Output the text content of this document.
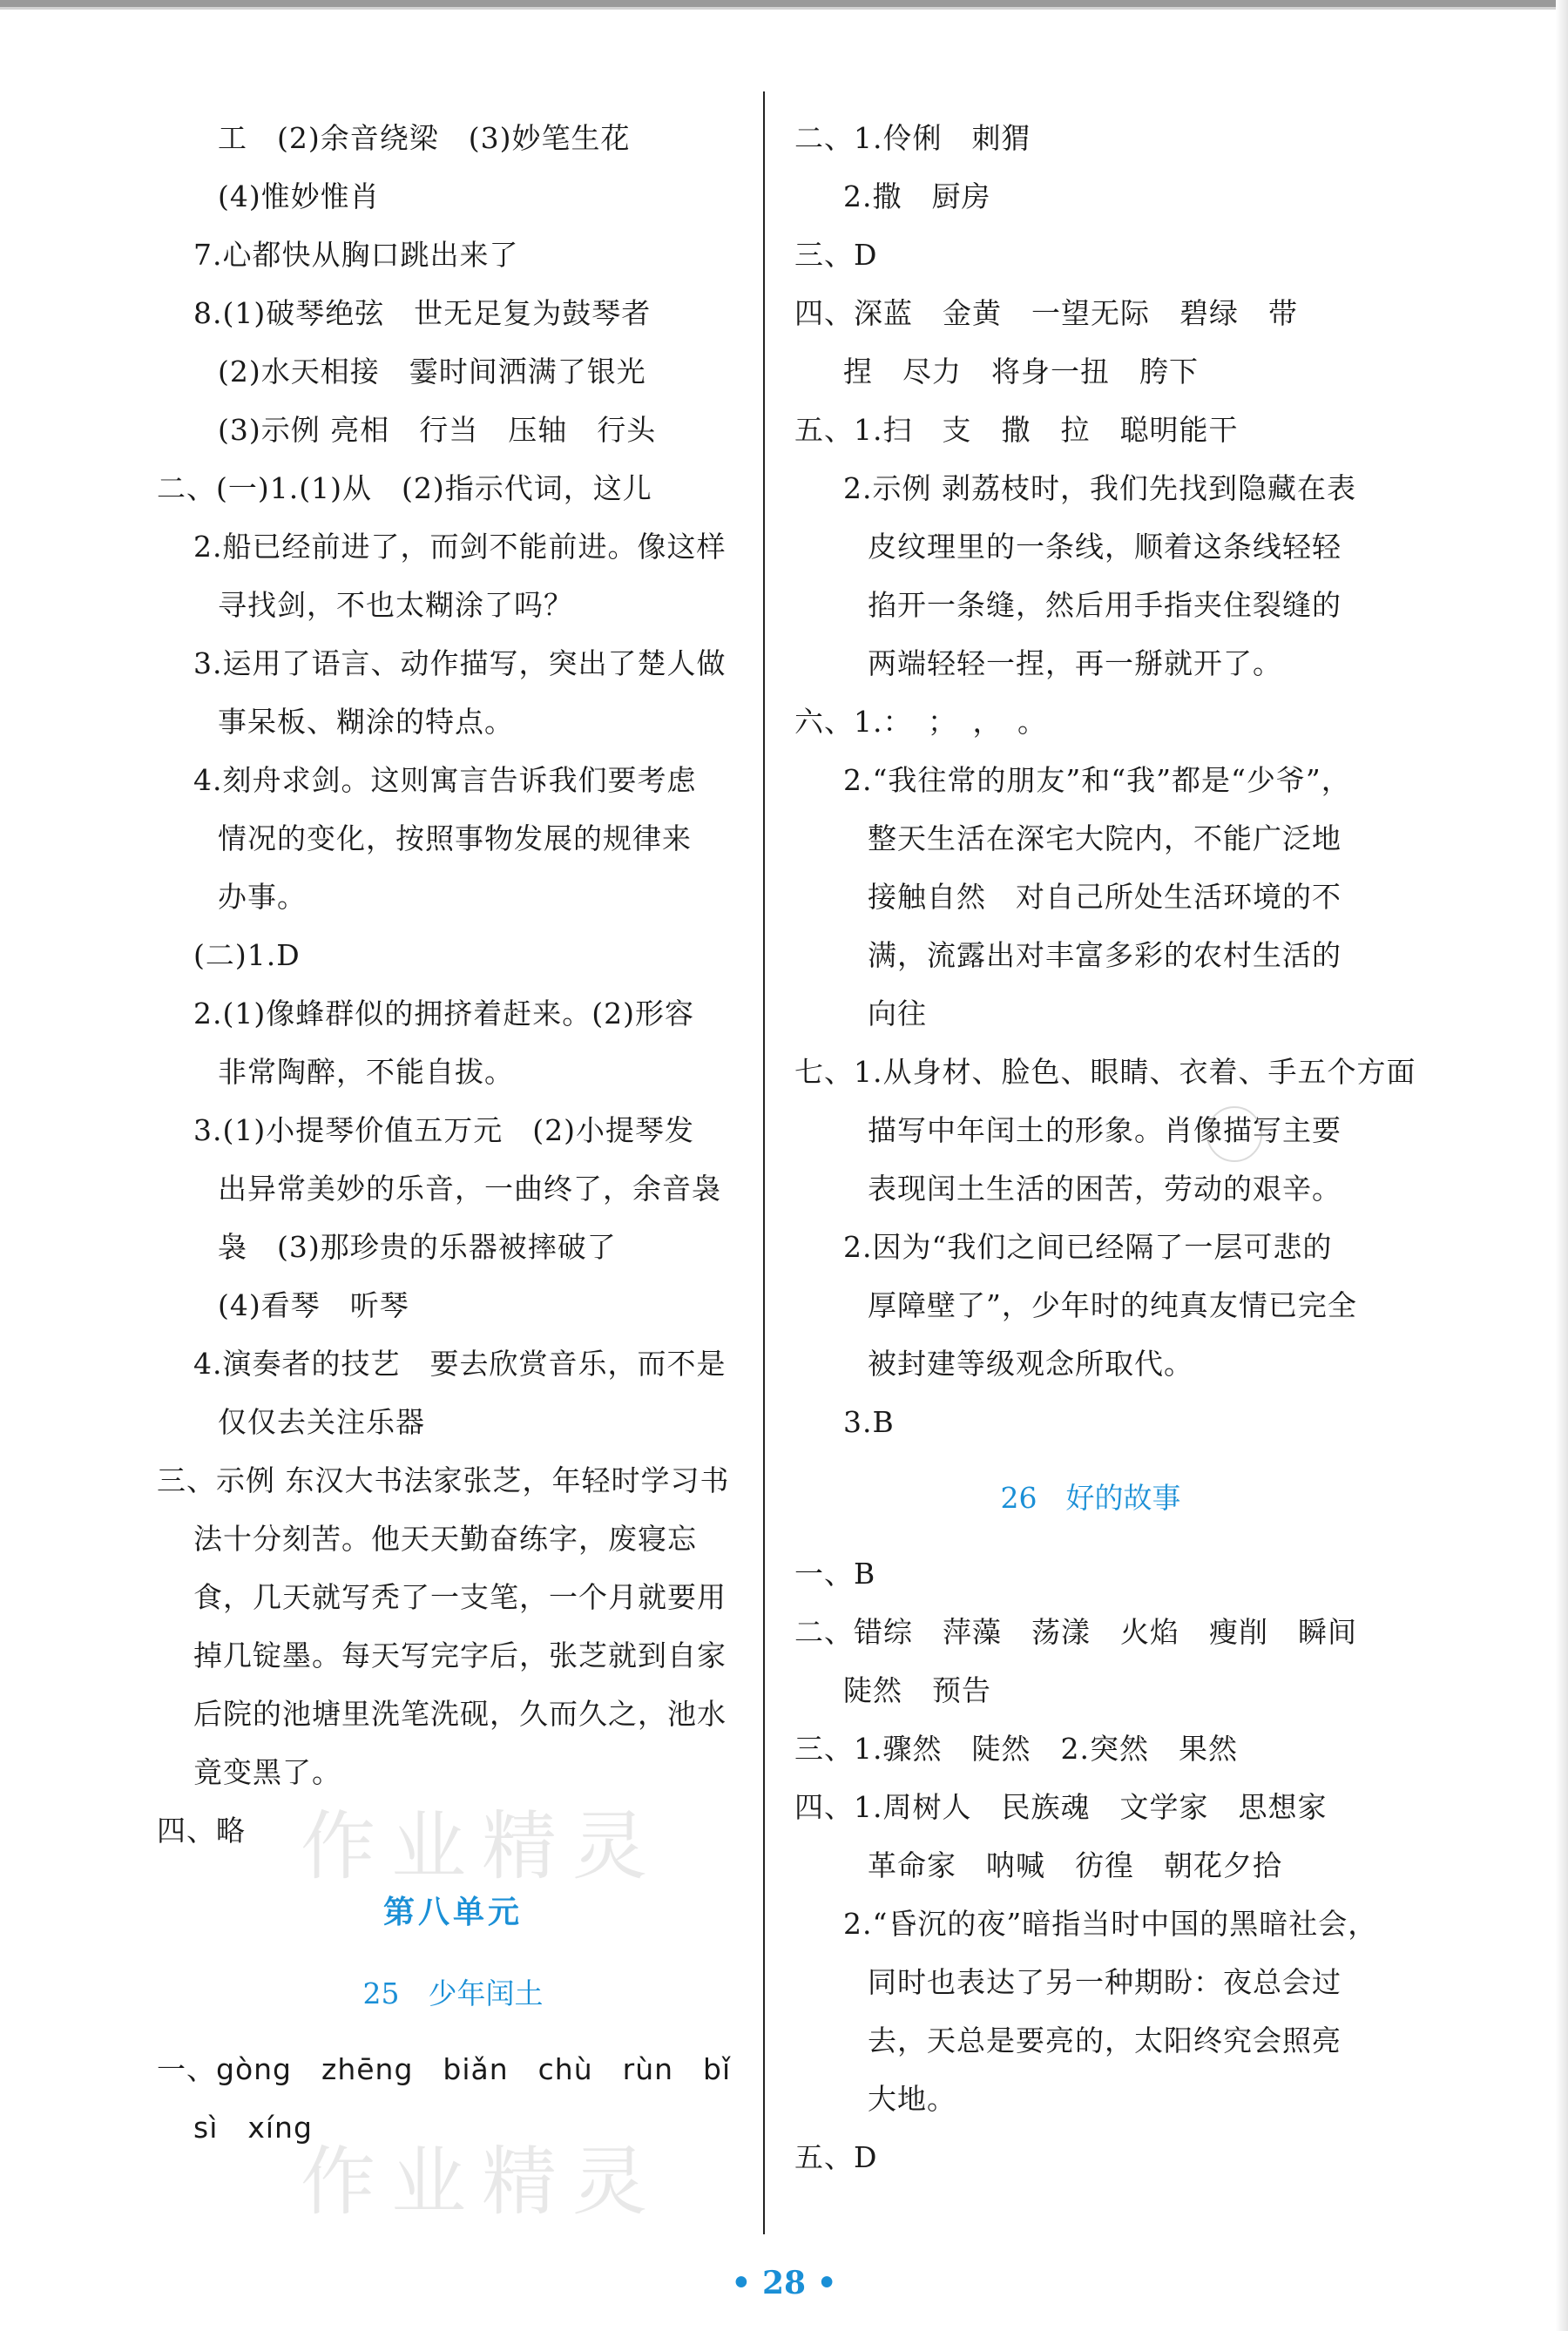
工　(2)余音绕梁　(3)妙笔生花
(4)惟妙惟肖
7.心都快从胸口跳出来了
8.(1)破琴绝弦　世无足复为鼓琴者
(2)水天相接　霎时间洒满了银光
(3)示例 亮相　行当　压轴　行头
二、(一)1.(1)从　(2)指示代词，这儿
2.船已经前进了，而剑不能前进。像这样
寻找剑，不也太糊涂了吗？
3.运用了语言、动作描写，突出了楚人做
事呆板、糊涂的特点。
4.刻舟求剑。这则寓言告诉我们要考虑
情况的变化，按照事物发展的规律来
办事。
(二)1.D
2.(1)像蜂群似的拥挤着赶来。(2)形容
非常陶醉，不能自拔。
3.(1)小提琴价值五万元　(2)小提琴发
出异常美妙的乐音，一曲终了，余音袅
袅　(3)那珍贵的乐器被摔破了
(4)看琴　听琴
4.演奏者的技艺　要去欣赏音乐，而不是
仅仅去关注乐器
三、示例 东汉大书法家张芝，年轻时学习书
法十分刻苦。他天天勤奋练字，废寝忘
食，几天就写秃了一支笔，一个月就要用
掉几锭墨。每天写完字后，张芝就到自家
后院的池塘里洗笔洗砚，久而久之，池水
竟变黑了。
四、略
第八单元
25　少年闰土
一、gòng　zhēng　biǎn　chù　rùn　bǐ
sì　xíng
二、1.伶俐　刺猬
2.撒　厨房
三、D
四、深蓝　金黄　一望无际　碧绿　带
捏　尽力　将身一扭　胯下
五、1.扫　支　撒　拉　聪明能干
2.示例 剥荔枝时，我们先找到隐藏在表
皮纹理里的一条线，顺着这条线轻轻
掐开一条缝，然后用手指夹住裂缝的
两端轻轻一捏，再一掰就开了。
六、1.：　；　，　。
2.“我往常的朋友”和“我”都是“少爷”，
整天生活在深宅大院内，不能广泛地
接触自然　对自己所处生活环境的不
满，流露出对丰富多彩的农村生活的
向往
七、1.从身材、脸色、眼睛、衣着、手五个方面
描写中年闰土的形象。肖像描写主要
表现闰土生活的困苦，劳动的艰辛。
2.因为“我们之间已经隔了一层可悲的
厚障壁了”，少年时的纯真友情已完全
被封建等级观念所取代。
3.B
26　好的故事
一、B
二、错综　萍藻　荡漾　火焰　瘦削　瞬间
陡然　预告
三、1.骤然　陡然　2.突然　果然
四、1.周树人　民族魂　文学家　思想家
革命家　呐喊　彷徨　朝花夕拾
2.“昏沉的夜”暗指当时中国的黑暗社会，
同时也表达了另一种期盼：夜总会过
去，天总是要亮的，太阳终究会照亮
大地。
五、D
作业精灵
作业精灵
• 28 •
